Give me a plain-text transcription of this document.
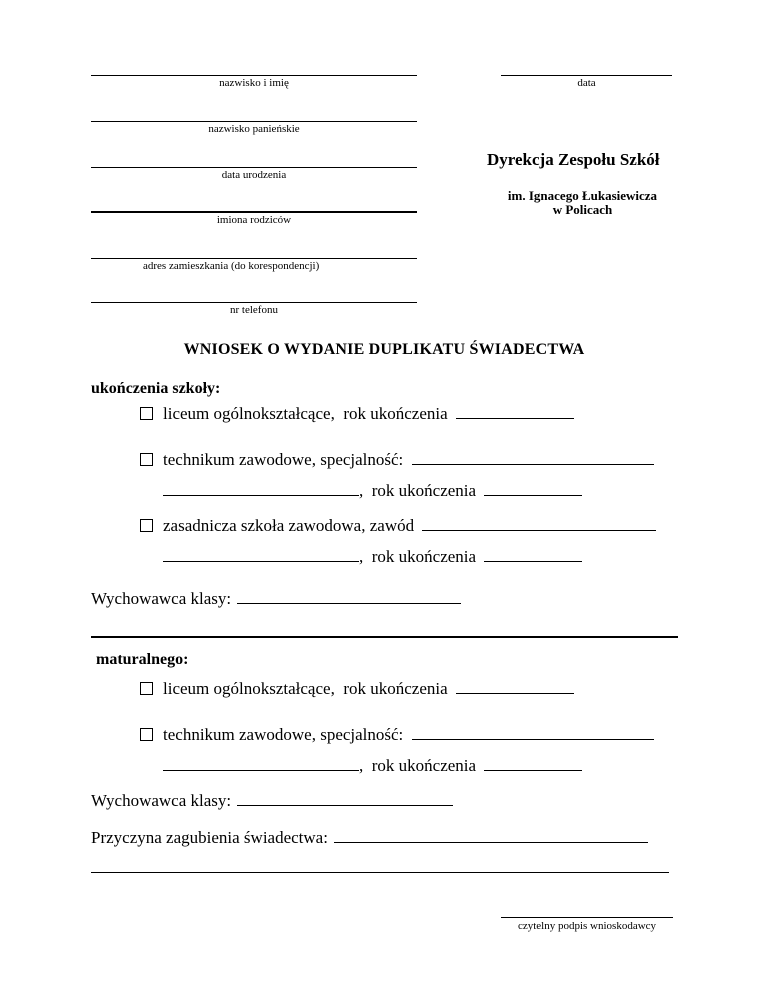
nazwisko i imię
nazwisko panieńskie
data urodzenia
imiona rodziców
adres zamieszkania (do korespondencji)
nr telefonu
data
Dyrekcja Zespołu Szkół
im. Ignacego Łukasiewicza
w Policach
WNIOSEK O WYDANIE DUPLIKATU ŚWIADECTWA
ukończenia szkoły:
liceum ogólnokształcące,  rok ukończenia
technikum zawodowe, specjalność:
,  rok ukończenia
zasadnicza szkoła zawodowa, zawód
,  rok ukończenia
Wychowawca klasy:
maturalnego:
liceum ogólnokształcące,  rok ukończenia
technikum zawodowe, specjalność:
,  rok ukończenia
Wychowawca klasy:
Przyczyna zagubienia świadectwa:
czytelny podpis wnioskodawcy
